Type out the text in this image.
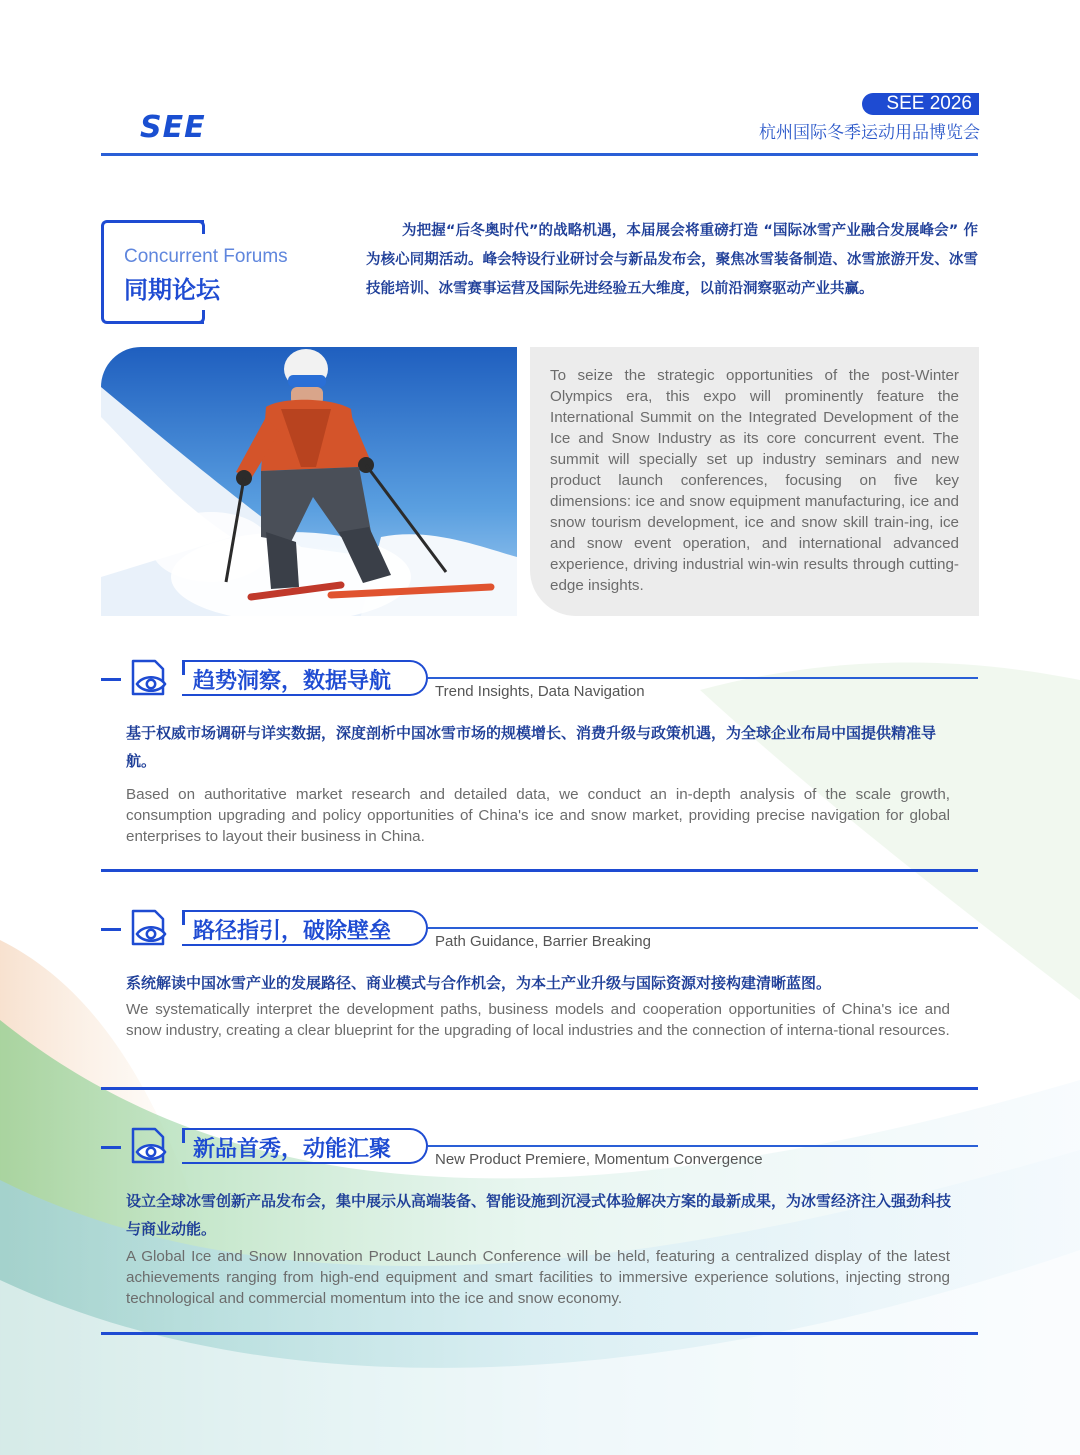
SEE
SEE 2026
杭州国际冬季运动用品博览会
Concurrent Forums
同期论坛

为把握“后冬奥时代”的战略机遇，本届展会将重磅打造 “国际冰雪产业融合发展峰会” 作为核心同期活动。峰会特设行业研讨会与新品发布会，聚焦冰雪装备制造、冰雪旅游开发、冰雪技能培训、冰雪赛事运营及国际先进经验五大维度，以前沿洞察驱动产业共赢。

To seize the strategic opportunities of the post-Winter Olympics era, this expo will prominently feature the International Summit on the Integrated Development of the Ice and Snow Industry as its core concurrent event. The summit will specially set up industry seminars and new product launch conferences, focusing on five key dimensions: ice and snow equipment manufacturing, ice and snow tourism development, ice and snow skill train-ing, ice and snow event operation, and international advanced experience, driving industrial win-win results through cutting-edge insights.

趋势洞察，数据导航	Trend Insights, Data Navigation

基于权威市场调研与详实数据，深度剖析中国冰雪市场的规模增长、消费升级与政策机遇，为全球企业布局中国提供精准导航。

Based on authoritative market research and detailed data, we conduct an in-depth analysis of the scale growth, consumption upgrading and policy opportunities of China's ice and snow market, providing precise navigation for global enterprises to layout their business in China.

路径指引，破除壁垒	Path Guidance, Barrier Breaking

系统解读中国冰雪产业的发展路径、商业模式与合作机会，为本土产业升级与国际资源对接构建清晰蓝图。

We systematically interpret the development paths, business models and cooperation opportunities of China's ice and snow industry, creating a clear blueprint for the upgrading of local industries and the connection of interna-tional resources.

新品首秀，动能汇聚	New Product Premiere, Momentum Convergence

设立全球冰雪创新产品发布会，集中展示从高端装备、智能设施到沉浸式体验解决方案的最新成果，为冰雪经济注入强劲科技与商业动能。

A Global Ice and Snow Innovation Product Launch Conference will be held, featuring a centralized display of the latest achievements ranging from high-end equipment and smart facilities to immersive experience solutions, injecting strong technological and commercial momentum into the ice and snow economy.
